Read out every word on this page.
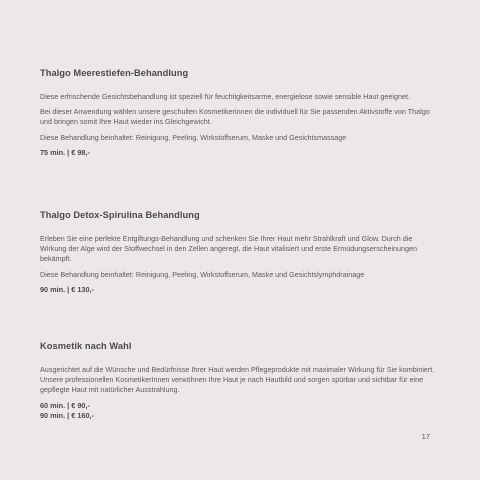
Thalgo Meerestiefen-Behandlung

Diese erfrischende Gesichtsbehandlung ist speziell für feuchtigkeitsarme, energielose sowie sensible Haut geeignet.

Bei dieser Anwendung wählen unsere geschulten Kosmetikerinnen die individuell für Sie passenden Aktivstoffe von Thalgo und bringen somit Ihre Haut wieder ins Gleichgewicht.

Diese Behandlung beinhaltet: Reinigung, Peeling, Wirkstoffserum, Maske und Gesichtsmassage

75 min. | € 98,-

Thalgo Detox-Spirulina Behandlung

Erleben Sie eine perfekte Entgiftungs-Behandlung und schenken Sie Ihrer Haut mehr Strahlkraft und Glow. Durch die Wirkung der Alge wird der Stoffwechsel in den Zellen angeregt, die Haut vitalisiert und erste Ermüdungserscheinungen bekämpft.

Diese Behandlung beinhaltet: Reinigung, Peeling, Wirkstoffserum, Maske und Gesichtslymphdrainage

90 min. | € 130,-

Kosmetik nach Wahl

Ausgerichtet auf die Wünsche und Bedürfnisse Ihrer Haut werden Pflegeprodukte mit maximaler Wirkung für Sie kombiniert. Unsere professionellen KosmetikerInnen verwöhnen Ihre Haut je nach Hautbild und sorgen spürbar und sichtbar für eine gepflegte Haut mit natürlicher Ausstrahlung.

60 min. | € 90,-

90 min. | € 160,-

17
